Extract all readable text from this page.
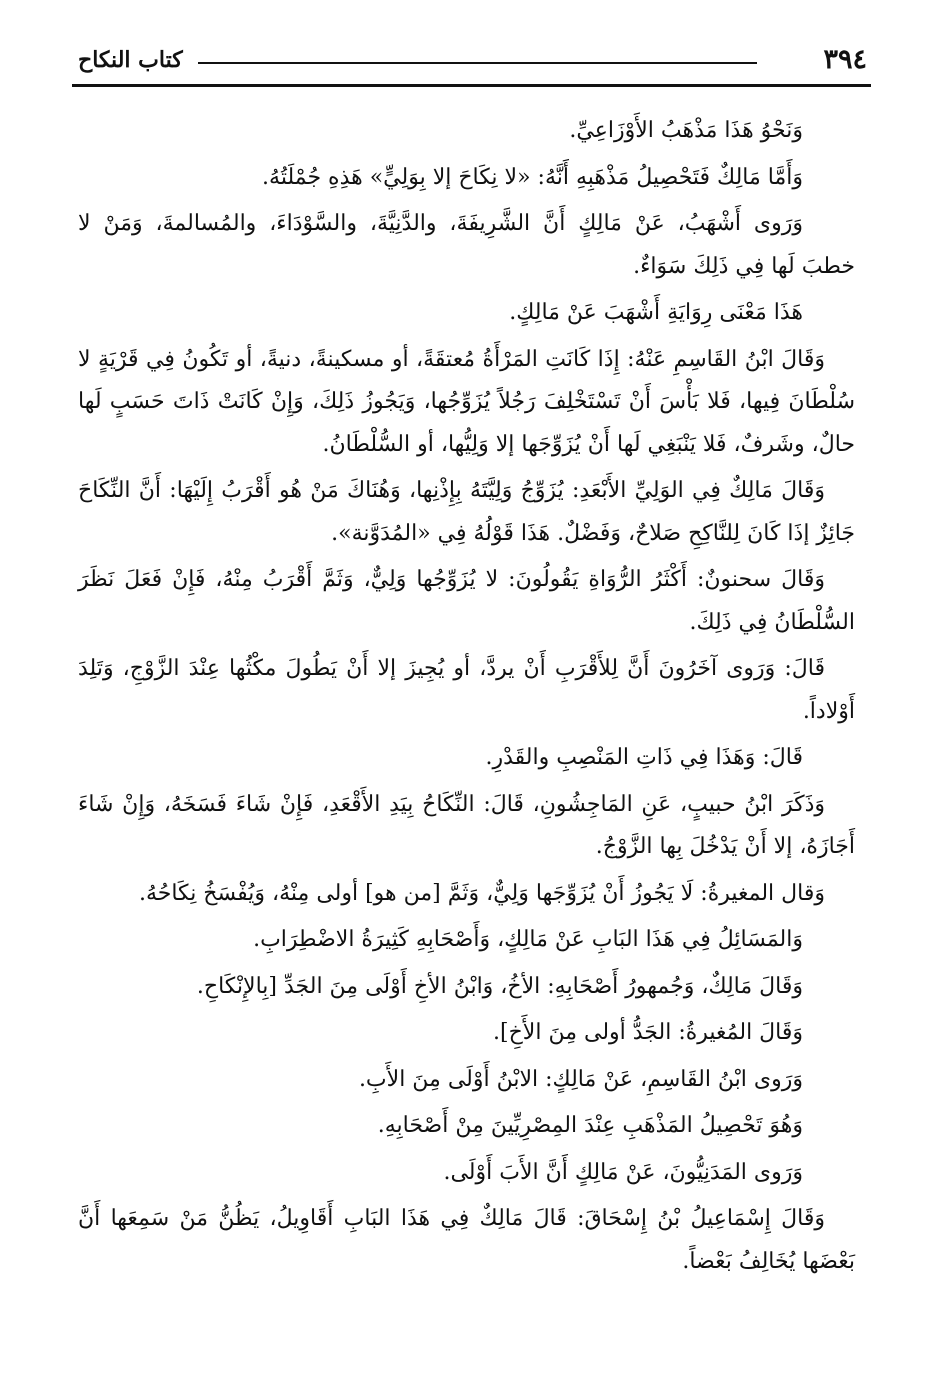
٣٩٤
كتاب النكاح

وَنَحْوُ هَذَا مَذْهَبُ الأَوْزَاعِيِّ.

وَأَمَّا مَالِكٌ فَتَحْصِيلُ مَذْهَبِهِ أَنَّهُ: «لا نِكَاحَ إلا بِوَلِيٍّ» هَذِهِ جُمْلَتُهُ.

وَرَوى أَشْهَبُ، عَنْ مَالِكٍ أَنَّ الشَّرِيفَةَ، والدَّنِيَّةَ، والسَّوْدَاءَ، والمُسالمةَ، وَمَنْ لا خطبَ لَها فِي ذَلِكَ سَوَاءٌ.

هَذَا مَعْنَى رِوَايَةِ أَشْهَبَ عَنْ مَالِكٍ.

وَقَالَ ابْنُ القَاسِمِ عَنْهُ: إِذَا كَانَتِ المَرْأَةُ مُعتقَةً، أو مسكينةً، دنيةً، أو تَكُونُ فِي قَرْيَةٍ لا سُلْطَانَ فِيها، فَلا بَأْسَ أَنْ تَسْتَخْلِفَ رَجُلاً يُزَوِّجُها، وَيَجُوزُ ذَلِكَ، وَإِنْ كَانَتْ ذَاتَ حَسَبٍ لَها حالٌ، وشَرفٌ، فَلا يَنْبَغِي لَها أَنْ يُزَوِّجَها إلا وَلِيُّها، أو السُّلْطَانُ.

وَقَالَ مَالِكٌ فِي الوَلِيِّ الأَبْعَدِ: يُزَوِّجُ وَلِيَّتَهُ بِإِذْنِها، وَهُنَاكَ مَنْ هُو أَقْرَبُ إِلَيْهَا: أَنَّ النِّكَاحَ جَائِزٌ إذَا كَانَ لِلنَّاكِحِ صَلاحٌ، وَفَضْلٌ. هَذَا قَوْلُهُ فِي «المُدَوَّنة».

وَقَالَ سحنونٌ: أَكْثَرُ الرُّوَاةِ يَقُولُونَ: لا يُزَوِّجُها وَلِيٌّ، وَثَمَّ أَقْرَبُ مِنْهُ، فَإِنْ فَعَلَ نَظَرَ السُّلْطَانُ فِي ذَلِكَ.

قَالَ: وَرَوى آخَرُونَ أَنَّ لِلأَقْرَبِ أَنْ يردَّ، أو يُجِيزَ إلا أَنْ يَطُولَ مكْثُها عِنْدَ الزَّوْجِ، وَتَلِدَ أَوْلاداً.

قَالَ: وَهَذَا فِي ذَاتِ المَنْصِبِ والقَدْرِ.

وَذَكَرَ ابْنُ حبيبٍ، عَنِ المَاجِشُونِ، قَالَ: النِّكَاحُ بِيَدِ الأَقْعَدِ، فَإِنْ شَاءَ فَسَخَهُ، وَإِنْ شَاءَ أَجَازَهُ، إلا أَنْ يَدْخُلَ بِها الزَّوْجُ.

وَقال المغيرةُ: لَا يَجُوزُ أَنْ يُزَوِّجَها وَلِيٌّ، وَثَمَّ [من هو] أولى مِنْهُ، وَيُفْسَخُ نِكَاحُهُ.

وَالمَسَائِلُ فِي هَذَا البَابِ عَنْ مَالِكٍ، وَأَصْحَابِهِ كَثِيرَةُ الاضْطِرَابِ.

وَقَالَ مَالِكٌ، وَجُمهورُ أَصْحَابِهِ: الأخُ، وَابْنُ الأخِ أَوْلَى مِنَ الجَدِّ [بِالإِنْكَاحِ.

وَقَالَ المُغيرةُ: الجَدُّ أولى مِنَ الأَخِ].

وَرَوى ابْنُ القَاسِمِ، عَنْ مَالِكٍ: الابْنُ أَوْلَى مِنَ الأَبِ.

وَهُوَ تَحْصِيلُ المَذْهَبِ عِنْدَ المِصْرِيِّينَ مِنْ أَصْحَابِهِ.

وَرَوى المَدَنِيُّونَ، عَنْ مَالِكٍ أَنَّ الأَبَ أَوْلَى.

وَقَالَ إِسْمَاعِيلُ بْنُ إِسْحَاقَ: قَالَ مَالِكٌ فِي هَذَا البَابِ أَقَاوِيلُ، يَظُنُّ مَنْ سَمِعَها أَنَّ بَعْضَها يُخَالِفُ بَعْضاً.
